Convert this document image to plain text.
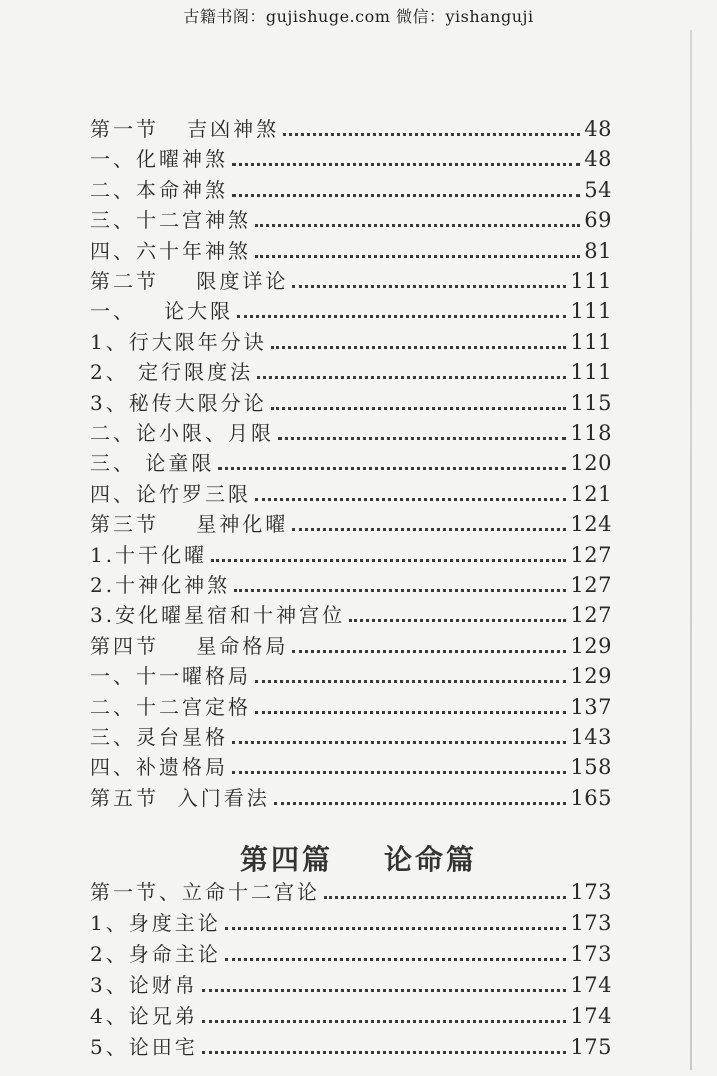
古籍书阁：gujishuge.com 微信：yishanguji
第一节   吉凶神煞	48
一、化曜神煞	48
二、本命神煞	54
三、十二宫神煞	69
四、六十年神煞	81
第二节    限度详论	111
一、   论大限	111
1、行大限年分诀	111
2、 定行限度法	111
3、秘传大限分论	115
二、论小限、月限	118
三、 论童限	120
四、论竹罗三限	121
第三节    星神化曜	124
1.十干化曜	127
2.十神化神煞	127
3.安化曜星宿和十神宫位	127
第四节    星命格局	129
一、十一曜格局	129
二、十二宫定格	137
三、灵台星格	143
四、补遗格局	158
第五节  入门看法	165
第四篇    论命篇
第一节、立命十二宫论	173
1、身度主论	173
2、身命主论	173
3、论财帛	174
4、论兄弟	174
5、论田宅	175
